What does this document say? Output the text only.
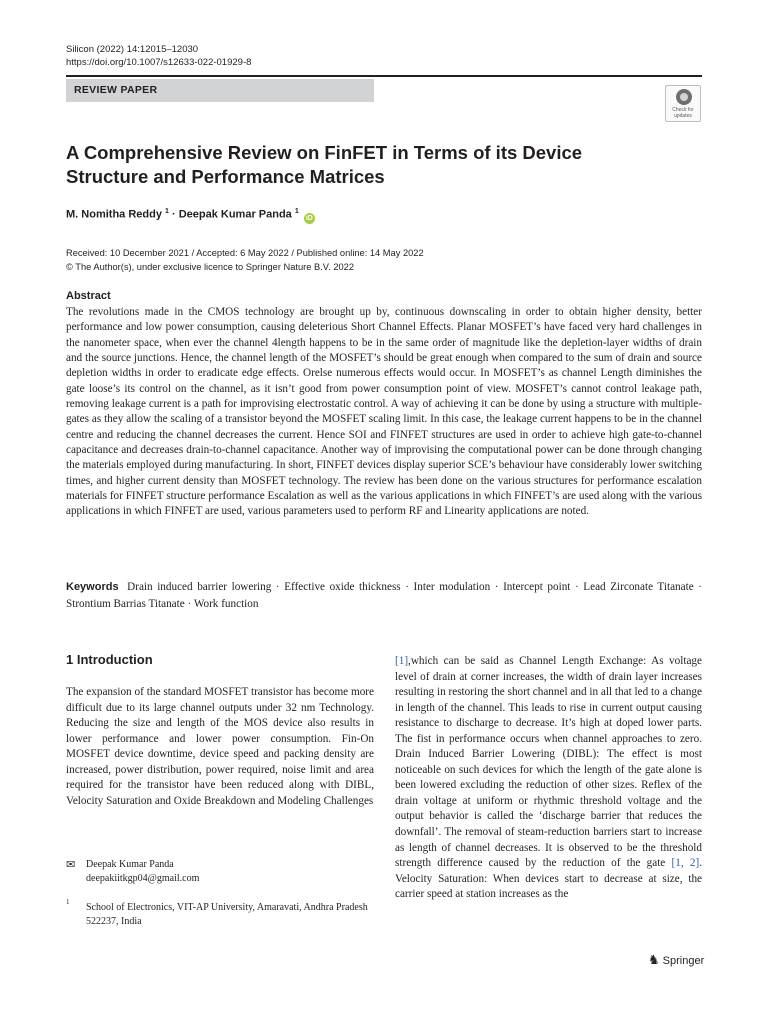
Silicon (2022) 14:12015–12030
https://doi.org/10.1007/s12633-022-01929-8
REVIEW PAPER
Check for updates
A Comprehensive Review on FinFET in Terms of its Device Structure and Performance Matrices
M. Nomitha Reddy $^1$ · Deepak Kumar Panda $^1$ iD
Received: 10 December 2021 / Accepted: 6 May 2022 / Published online: 14 May 2022
© The Author(s), under exclusive licence to Springer Nature B.V. 2022
Abstract
The revolutions made in the CMOS technology are brought up by, continuous downscaling in order to obtain higher density, better performance and low power consumption, causing deleterious Short Channel Effects. Planar MOSFET’s have faced very hard challenges in the nanometer space, when ever the channel 4length happens to be in the same order of magnitude like the depletion-layer widths of drain and the source junctions. Hence, the channel length of the MOSFET’s should be great enough when compared to the sum of drain and source depletion widths in order to eradicate edge effects. Orelse numerous effects would occur. In MOSFET’s as channel Length diminishes the gate loose’s its control on the channel, as it isn’t good from power consumption point of view. MOSFET’s cannot control leakage path, removing leakage current is a path for improvising electrostatic control. A way of achieving it can be done by using a structure with multiple-gates as they allow the scaling of a transistor beyond the MOSFET scaling limit. In this case, the leakage current happens to be in the channel centre and reducing the channel decreases the current. Hence SOI and FINFET structures are used in order to achieve high gate-to-channel capacitance and decreases drain-to-channel capacitance. Another way of improvising the computational power can be done through changing the materials employed during manufacturing. In short, FINFET devices display superior SCE’s behaviour have considerably lower switching times, and higher current density than MOSFET technology. The review has been done on the various structures for performance escalation materials for FINFET structure performance Escalation as well as the various applications in which FINFET’s are used along with the various applications in which FINFET are used, various parameters used to perform RF and Linearity applications are noted.
Keywords Drain induced barrier lowering · Effective oxide thickness · Inter modulation · Intercept point · Lead Zirconate Titanate · Strontium Barrias Titanate · Work function
1 Introduction
The expansion of the standard MOSFET transistor has become more difficult due to its large channel outputs under 32 nm Technology. Reducing the size and length of the MOS device also results in lower performance and lower power consumption. Fin-On MOSFET device downtime, device speed and packing density are increased, power distribution, power required, noise limit and area required for the transistor have been reduced along with DIBL, Velocity Saturation and Oxide Breakdown and Modeling Challenges
[1],which can be said as Channel Length Exchange: As voltage level of drain at corner increases, the width of drain layer increases resulting in restoring the short channel and in all that led to a change in length of the channel. This leads to rise in current output causing resistance to discharge to decrease. It’s high at doped lower parts. The fist in performance occurs when channel approaches to zero. Drain Induced Barrier Lowering (DIBL): The effect is most noticeable on such devices for which the length of the gate alone is been lowered excluding the reduction of other sizes. Reflex of the drain voltage at uniform or rhythmic threshold voltage and the output behavior is called the ‘discharge barrier that reduces the downfall’. The removal of steam-reduction barriers start to increase as length of channel decreases. It is observed to be the threshold strength difference caused by the reduction of the gate [1, 2]. Velocity Saturation: When devices start to decrease at size, the carrier speed at station increases as the
✉ Deepak Kumar Panda
deepakiitkgp04@gmail.com
1 School of Electronics, VIT-AP University, Amaravati, Andhra Pradesh 522237, India
♞ Springer
